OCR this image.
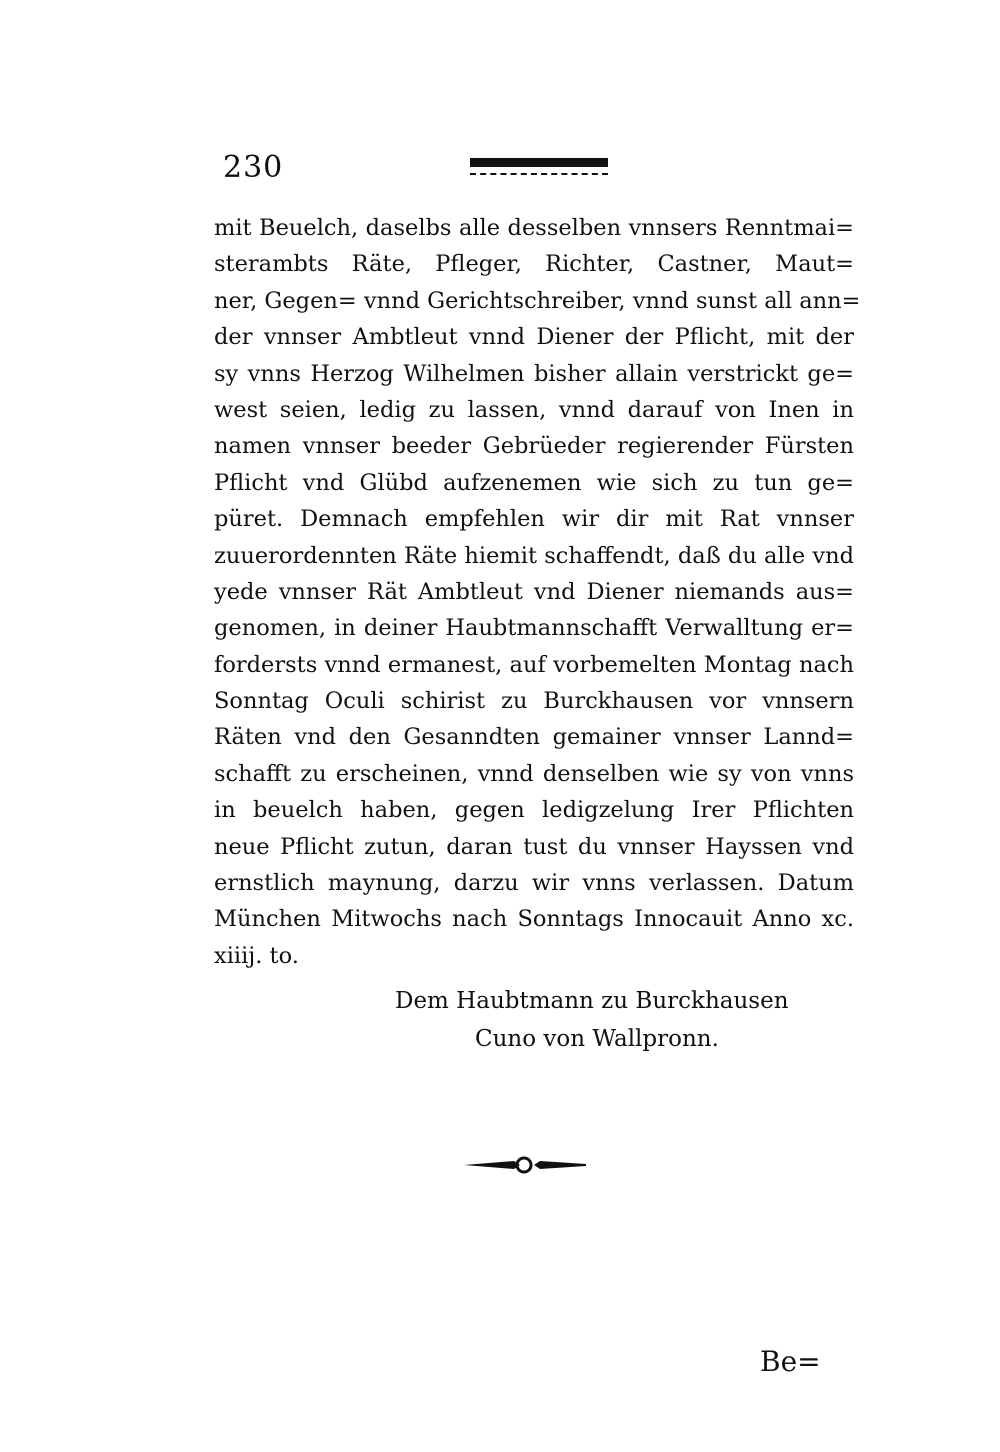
230
mit Beuelch, daselbs alle desselben vnnsers Renntmai=
sterambts Räte, Pfleger, Richter, Castner, Maut=
ner, Gegen= vnnd Gerichtschreiber, vnnd sunst all ann=
der vnnser Ambtleut vnnd Diener der Pflicht, mit der
sy vnns Herzog Wilhelmen bisher allain verstrickt ge=
west seien, ledig zu lassen, vnnd darauf von Inen in
namen vnnser beeder Gebrüeder regierender Fürsten
Pflicht vnd Glübd aufzenemen wie sich zu tun ge=
püret. Demnach empfehlen wir dir mit Rat vnnser
zuuerordennten Räte hiemit schaffendt, daß du alle vnd
yede vnnser Rät Ambtleut vnd Diener niemands aus=
genomen, in deiner Haubtmannschafft Verwalltung er=
fordersts vnnd ermanest, auf vorbemelten Montag nach
Sonntag Oculi schirist zu Burckhausen vor vnnsern
Räten vnd den Gesanndten gemainer vnnser Lannd=
schafft zu erscheinen, vnnd denselben wie sy von vnns
in beuelch haben, gegen ledigzelung Irer Pflichten
neue Pflicht zutun, daran tust du vnnser Hayssen vnd
ernstlich maynung, darzu wir vnns verlassen. Datum
München Mitwochs nach Sonntags Innocauit Anno xc.
xiiij. to.
Dem Haubtmann zu Burckhausen
Cuno von Wallpronn.
Be=
